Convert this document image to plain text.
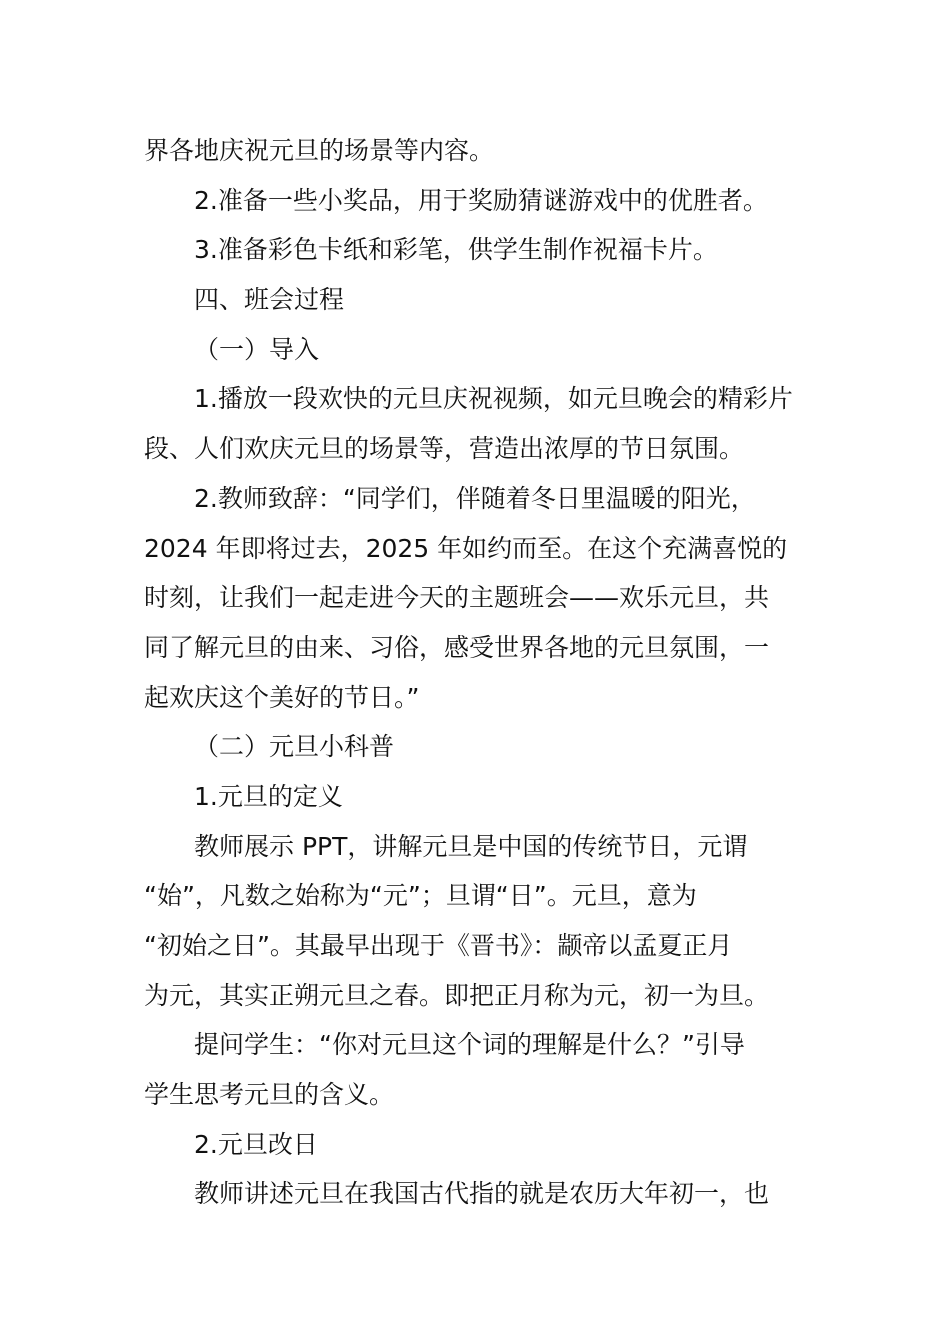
界各地庆祝元旦的场景等内容。
2.准备一些小奖品，用于奖励猜谜游戏中的优胜者。
3.准备彩色卡纸和彩笔，供学生制作祝福卡片。
四、班会过程
（一）导入
1.播放一段欢快的元旦庆祝视频，如元旦晚会的精彩片
段、人们欢庆元旦的场景等，营造出浓厚的节日氛围。
2.教师致辞：“同学们，伴随着冬日里温暖的阳光，
2024 年即将过去，2025 年如约而至。在这个充满喜悦的
时刻，让我们一起走进今天的主题班会——欢乐元旦，共
同了解元旦的由来、习俗，感受世界各地的元旦氛围，一
起欢庆这个美好的节日。”
（二）元旦小科普
1.元旦的定义
教师展示 PPT，讲解元旦是中国的传统节日，元谓
“始”，凡数之始称为“元”；旦谓“日”。元旦，意为
“初始之日”。其最早出现于《晋书》：颛帝以孟夏正月
为元，其实正朔元旦之春。即把正月称为元，初一为旦。
提问学生：“你对元旦这个词的理解是什么？”引导
学生思考元旦的含义。
2.元旦改日
教师讲述元旦在我国古代指的就是农历大年初一，也
